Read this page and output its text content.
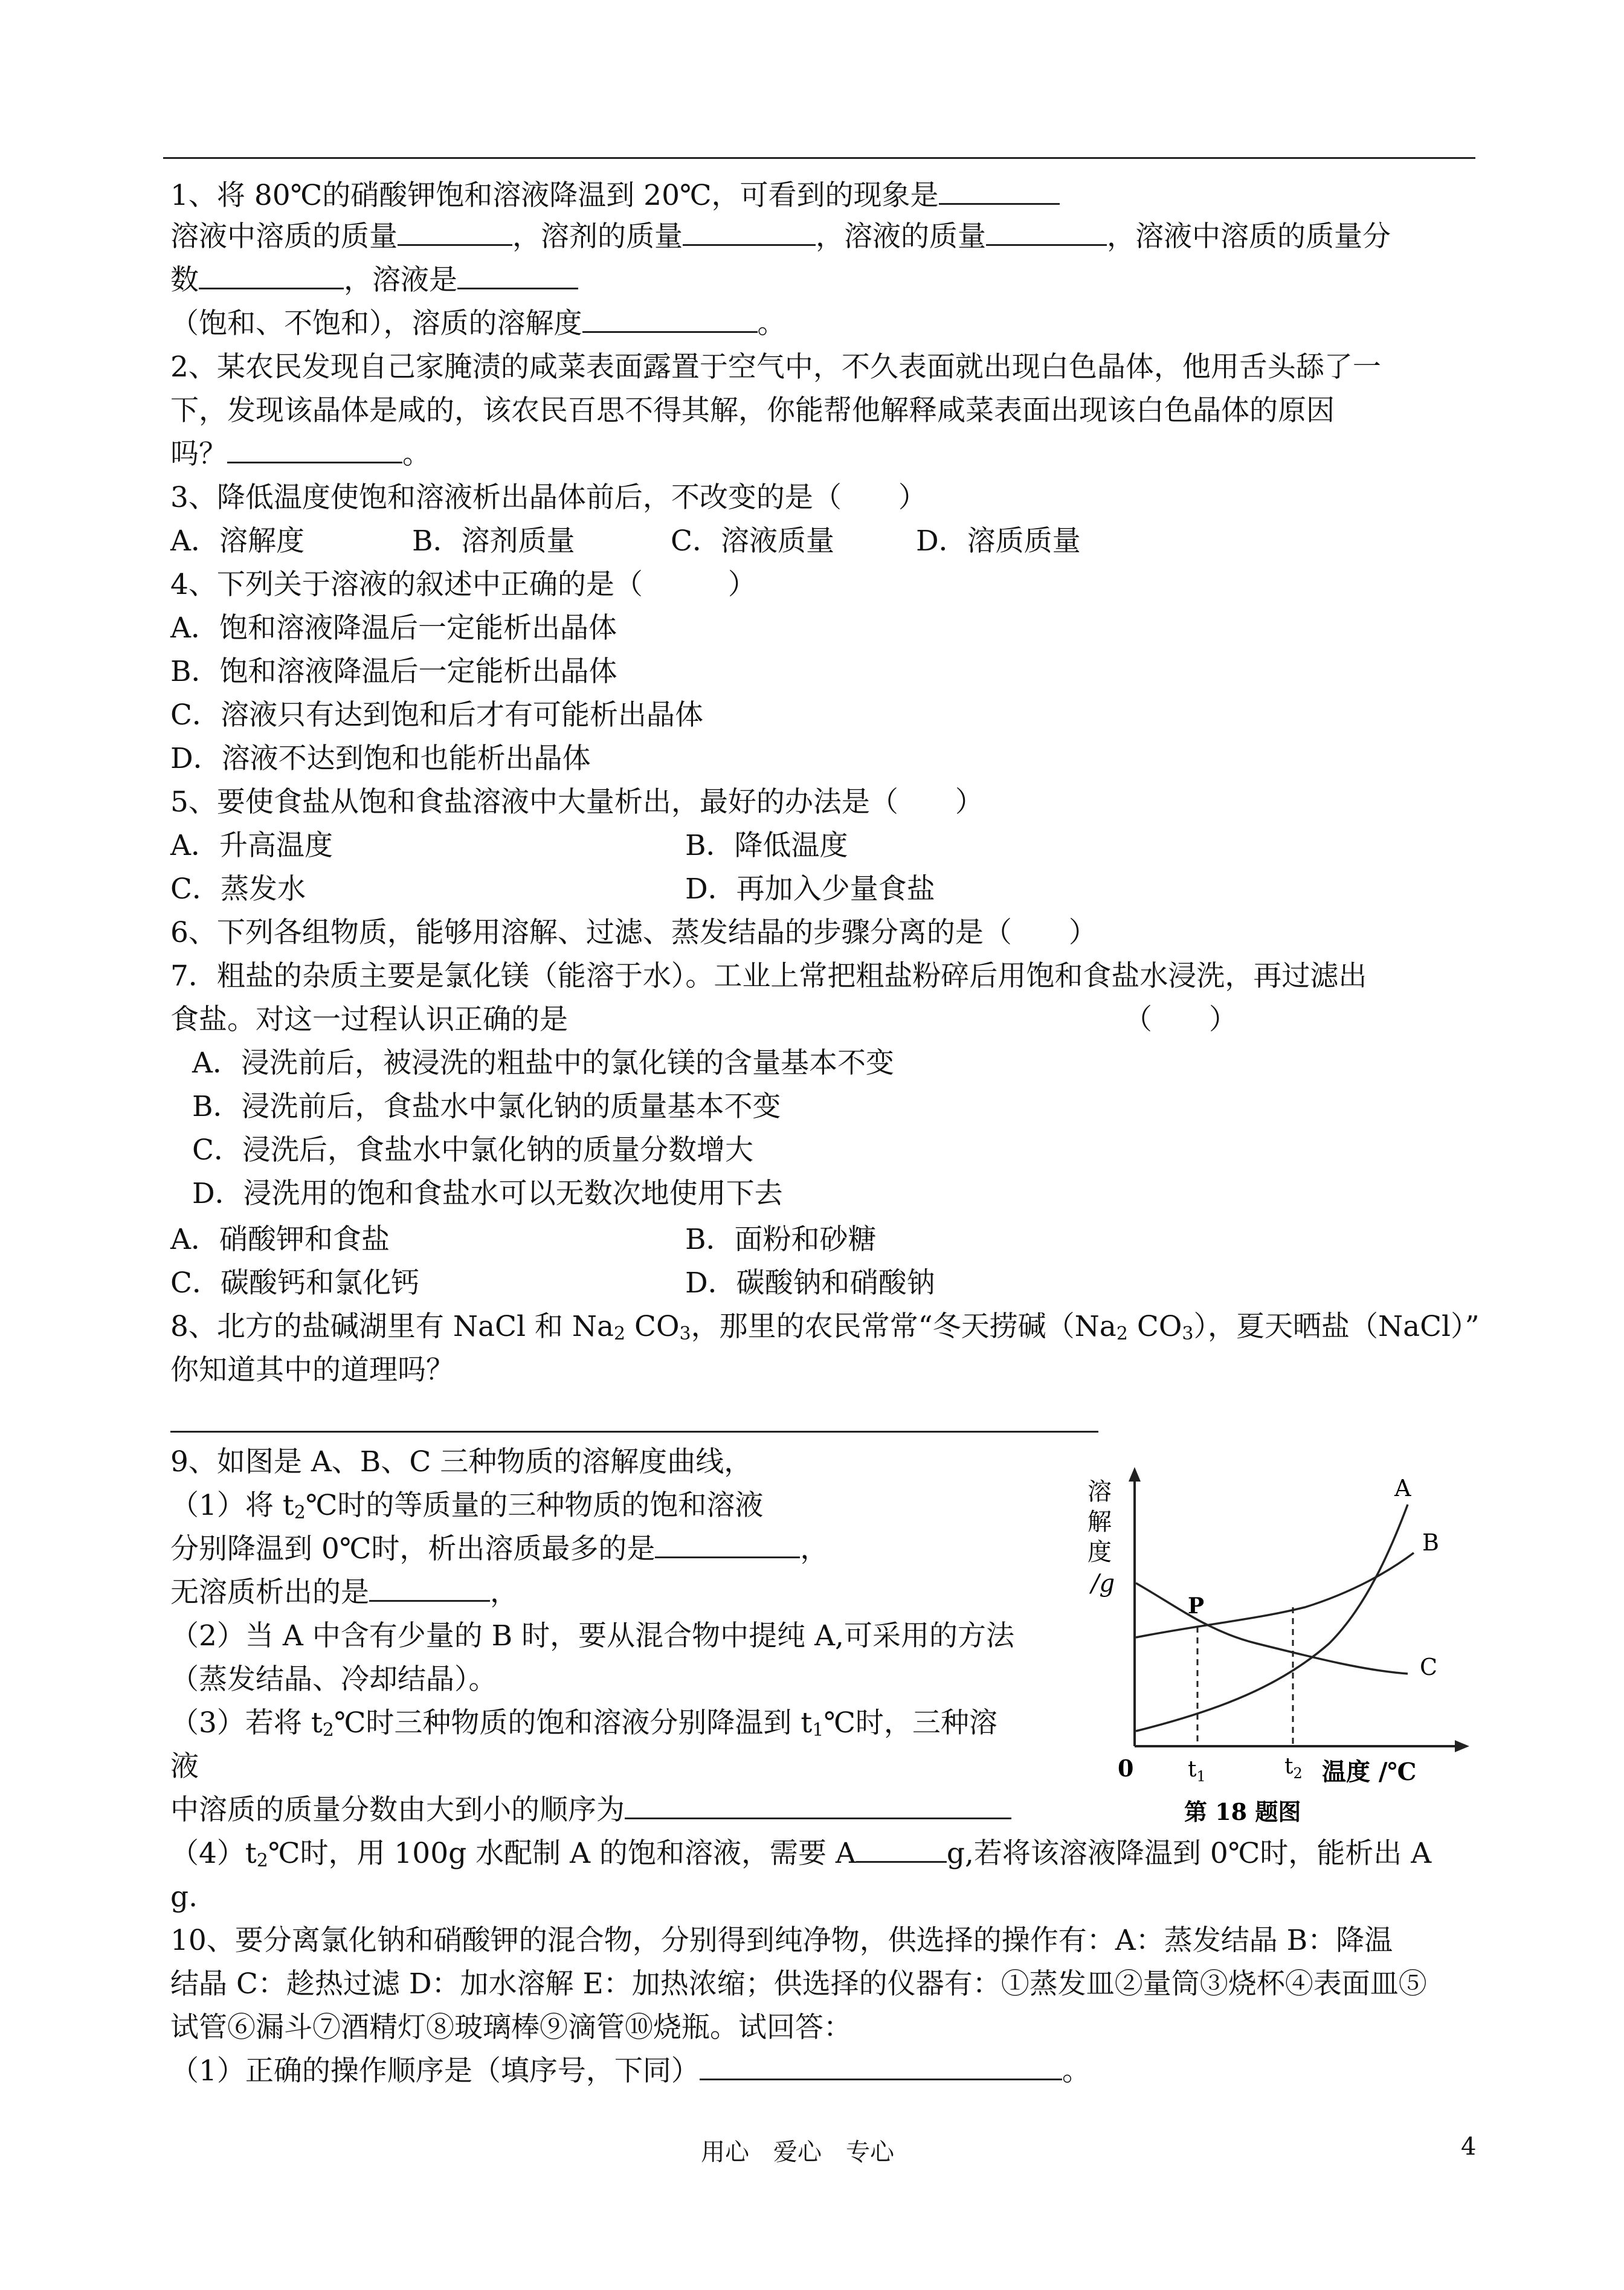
1、将 80℃的硝酸钾饱和溶液降温到 20℃，可看到的现象是
溶液中溶质的质量	，溶剂的质量	，溶液的质量	，溶液中溶质的质量分
数	，溶液是
（饱和、不饱和），溶质的溶解度	。
2、某农民发现自己家腌渍的咸菜表面露置于空气中，不久表面就出现白色晶体，他用舌头舔了一
下，发现该晶体是咸的，该农民百思不得其解，你能帮他解释咸菜表面出现该白色晶体的原因
吗？	。
3、降低温度使饱和溶液析出晶体前后，不改变的是（　　）
A．溶解度	B．溶剂质量	C．溶液质量	D．溶质质量
4、下列关于溶液的叙述中正确的是（　　　）
A．饱和溶液降温后一定能析出晶体
B．饱和溶液降温后一定能析出晶体
C．溶液只有达到饱和后才有可能析出晶体
D．溶液不达到饱和也能析出晶体
5、要使食盐从饱和食盐溶液中大量析出，最好的办法是（　　）
A．升高温度	B．降低温度
C．蒸发水	D．再加入少量食盐
6、下列各组物质，能够用溶解、过滤、蒸发结晶的步骤分离的是（　　）
7．粗盐的杂质主要是氯化镁（能溶于水）。工业上常把粗盐粉碎后用饱和食盐水浸洗，再过滤出
食盐。对这一过程认识正确的是	（　　）
A．浸洗前后，被浸洗的粗盐中的氯化镁的含量基本不变
B．浸洗前后，食盐水中氯化钠的质量基本不变
C．浸洗后，食盐水中氯化钠的质量分数增大
D．浸洗用的饱和食盐水可以无数次地使用下去
A．硝酸钾和食盐	B．面粉和砂糖
C．碳酸钙和氯化钙	D．碳酸钠和硝酸钠
8、北方的盐碱湖里有 NaCl 和 $Na_2$ $CO_3$，那里的农民常常“冬天捞碱（$Na_2$ $CO_3$），夏天晒盐（NaCl）”
你知道其中的道理吗？
9、如图是 A、B、C 三种物质的溶解度曲线，
（1）将 $t_2℃$时的等质量的三种物质的饱和溶液
分别降温到 0℃时，析出溶质最多的是	，
无溶质析出的是	，
（2）当 A 中含有少量的 B 时，要从混合物中提纯 A,可采用的方法
（蒸发结晶、冷却结晶）。
（3）若将 $t_2℃$时三种物质的饱和溶液分别降温到 $t_1℃$时，三种溶
液
中溶质的质量分数由大到小的顺序为
$(4)t_2℃$时，用 100g 水配制 A 的饱和溶液，需要 A	g,若将该溶液降温到 0℃时，能析出 A
g.
溶
解
度
/g
A
B
C
P
0 $t_1$	$t_2$ 温度 /℃
第 18 题图
10、要分离氯化钠和硝酸钾的混合物，分别得到纯净物，供选择的操作有：A：蒸发结晶 B：降温
结晶 C：趁热过滤 D：加水溶解 E：加热浓缩；供选择的仪器有：①蒸发皿②量筒③烧杯④表面皿⑤
试管⑥漏斗⑦酒精灯⑧玻璃棒⑨滴管⑩烧瓶。试回答：
（1）正确的操作顺序是（填序号，下同）	。
用心　爱心　专心	4
